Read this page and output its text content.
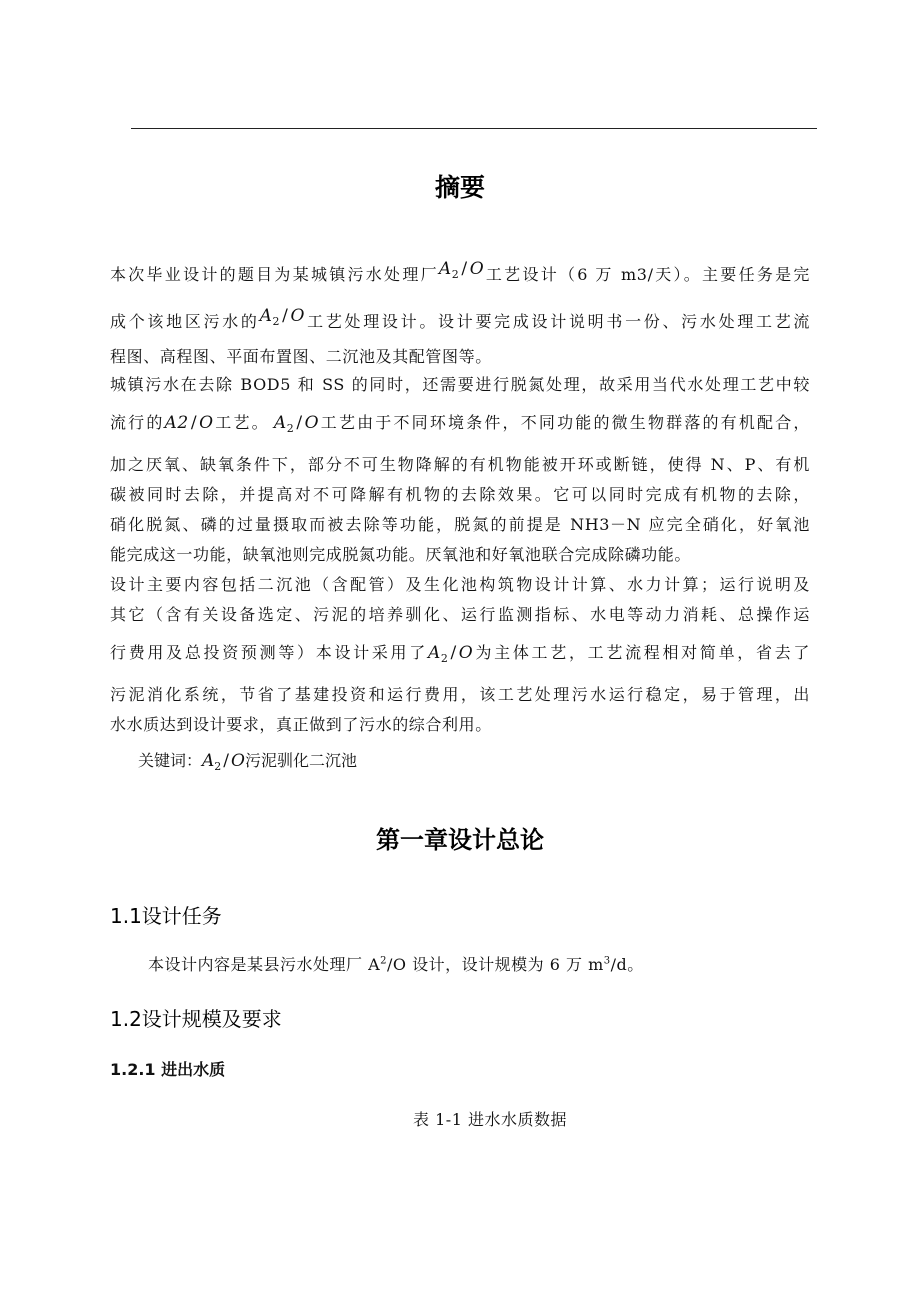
摘要
本次毕业设计的题目为某城镇污水处理厂$A_2$ / O工艺设计（6 万 m3/天）。主要任务是完
成个该地区污水的$A_2$ / O工艺处理设计。设计要完成设计说明书一份、污水处理工艺流
程图、高程图、平面布置图、二沉池及其配管图等。
城镇污水在去除 BOD5 和 SS 的同时，还需要进行脱氮处理，故采用当代水处理工艺中较
流行的A2 / O工艺。 $A_2$ / O工艺由于不同环境条件，不同功能的微生物群落的有机配合，
加之厌氧、缺氧条件下，部分不可生物降解的有机物能被开环或断链，使得 N、P、有机
碳被同时去除，并提高对不可降解有机物的去除效果。它可以同时完成有机物的去除，
硝化脱氮、磷的过量摄取而被去除等功能，脱氮的前提是 NH3－N 应完全硝化，好氧池
能完成这一功能，缺氧池则完成脱氮功能。厌氧池和好氧池联合完成除磷功能。
设计主要内容包括二沉池（含配管）及生化池构筑物设计计算、水力计算；运行说明及
其它（含有关设备选定、污泥的培养驯化、运行监测指标、水电等动力消耗、总操作运
行费用及总投资预测等）本设计采用了$A_2$ / O为主体工艺，工艺流程相对简单，省去了
污泥消化系统，节省了基建投资和运行费用，该工艺处理污水运行稳定，易于管理，出
水水质达到设计要求，真正做到了污水的综合利用。
关键词：$A_2$ / O污泥驯化二沉池
第一章设计总论
1.1设计任务
本设计内容是某县污水处理厂 $A^2/O$ 设计，设计规模为 6 万 $m^3/d$。
1.2设计规模及要求
1.2.1 进出水质
表 1-1 进水水质数据
